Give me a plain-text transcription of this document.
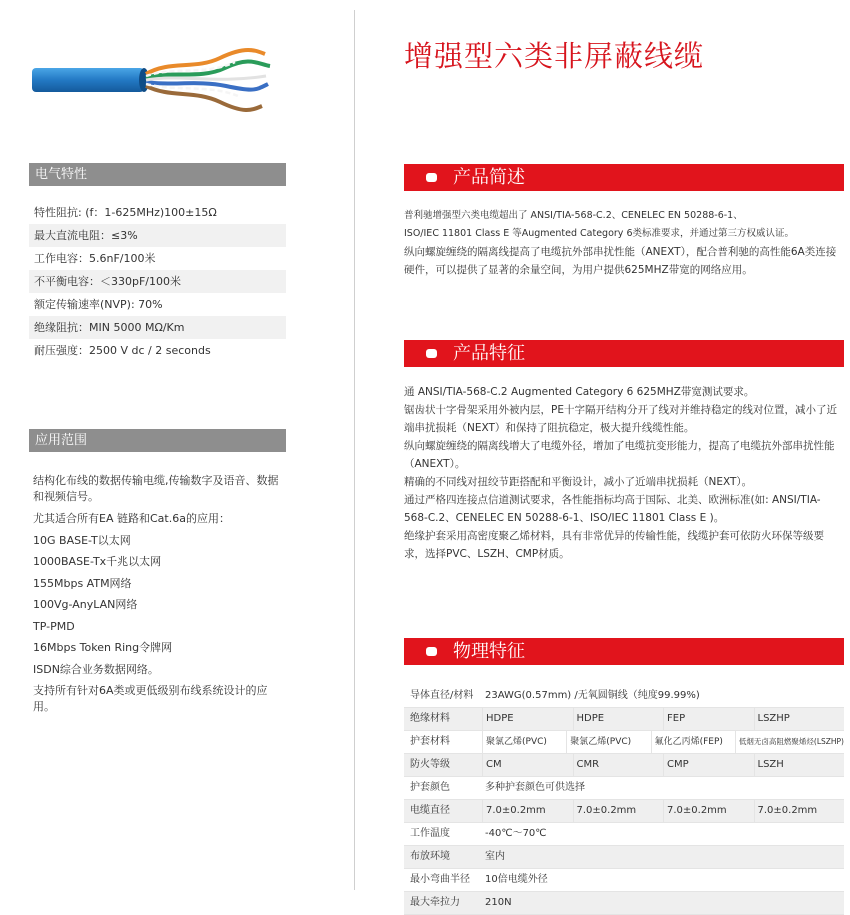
电气特性
特性阻抗: (f：1-625MHz)100±15Ω
最大直流电阻：≤3%
工作电容：5.6nF/100米
不平衡电容：＜330pF/100米
额定传输速率(NVP): 70%
绝缘阻抗：MIN 5000 MΩ/Km
耐压强度：2500 V dc / 2 seconds
应用范围
结构化布线的数据传输电缆,传输数字及语音、数据和视频信号。
尤其适合所有EA 链路和Cat.6a的应用：
10G BASE-T以太网
1000BASE-Tx千兆以太网
155Mbps ATM网络
100Vg-AnyLAN网络
TP-PMD
16Mbps Token Ring令牌网
ISDN综合业务数据网络。
支持所有针对6A类或更低级别布线系统设计的应用。
增强型六类非屏蔽线缆
产品简述

普利驰增强型六类电缆超出了 ANSI/TIA-568-C.2、CENELEC EN 50288-6-1、

ISO/IEC 11801 Class E 等Augmented Category 6类标准要求，并通过第三方权威认证。

纵向螺旋缠绕的隔离线提高了电缆抗外部串扰性能（ANEXT），配合普利驰的高性能6A类连接硬件，可以提供了显著的余量空间，为用户提供625MHZ带宽的网络应用。

产品特征

通 ANSI/TIA-568-C.2 Augmented Category 6 625MHZ带宽测试要求。

锯齿状十字骨架采用外被内层，PE十字隔开结构分开了线对并维持稳定的线对位置，减小了近端串扰损耗（NEXT）和保持了阻抗稳定，极大提升线缆性能。

纵向螺旋缠绕的隔离线增大了电缆外径，增加了电缆抗变形能力，提高了电缆抗外部串扰性能（ANEXT）。

精确的不同线对扭绞节距搭配和平衡设计，减小了近端串扰损耗（NEXT）。

通过严格四连接点信道测试要求，各性能指标均高于国际、北美、欧洲标准(如: ANSI/TIA-568-C.2、CENELEC EN 50288-6-1、ISO/IEC 11801 Class E )。

绝缘护套采用高密度聚乙烯材料，具有非常优异的传输性能，线缆护套可依防火环保等级要求，选择PVC、LSZH、CMP材质。

物理特征
导体直径/材料	23AWG(0.57mm) /无氧圆铜线（纯度99.99%)
绝缘材料	HDPE	HDPE	FEP	LSZHP
护套材料	聚氯乙烯(PVC)	聚氯乙烯(PVC)	氟化乙丙烯(FEP)	低烟无卤高阻燃聚烯烃(LSZHP)
防火等级	CM	CMR	CMP	LSZH
护套颜色	多种护套颜色可供选择
电缆直径	7.0±0.2mm	7.0±0.2mm	7.0±0.2mm	7.0±0.2mm
工作温度	-40℃～70℃
布放环境	室内
最小弯曲半径	10倍电缆外径
最大牵拉力	210N
